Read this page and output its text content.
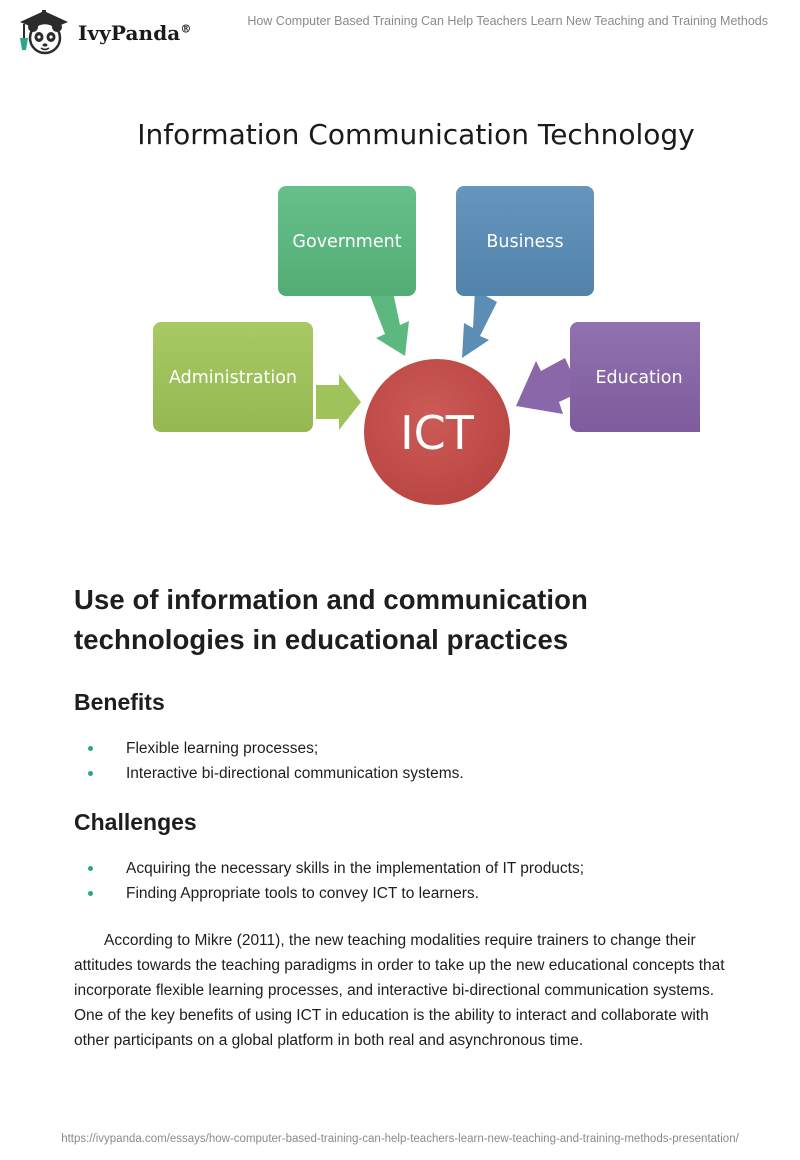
IvyPanda®
How Computer Based Training Can Help Teachers Learn New Teaching and Training Methods
Information Communication Technology
Government	Business
Administration	Education
ICT
Use of information and communication technologies in educational practices
Benefits
Flexible learning processes;
Interactive bi-directional communication systems.
Challenges
Acquiring the necessary skills in the implementation of IT products;
Finding Appropriate tools to convey ICT to learners.

According to Mikre (2011), the new teaching modalities require trainers to change their attitudes towards the teaching paradigms in order to take up the new educational concepts that incorporate flexible learning processes, and interactive bi-directional communication systems. One of the key benefits of using ICT in education is the ability to interact and collaborate with other participants on a global platform in both real and asynchronous time.

https://ivypanda.com/essays/how-computer-based-training-can-help-teachers-learn-new-teaching-and-training-methods-presentation/
